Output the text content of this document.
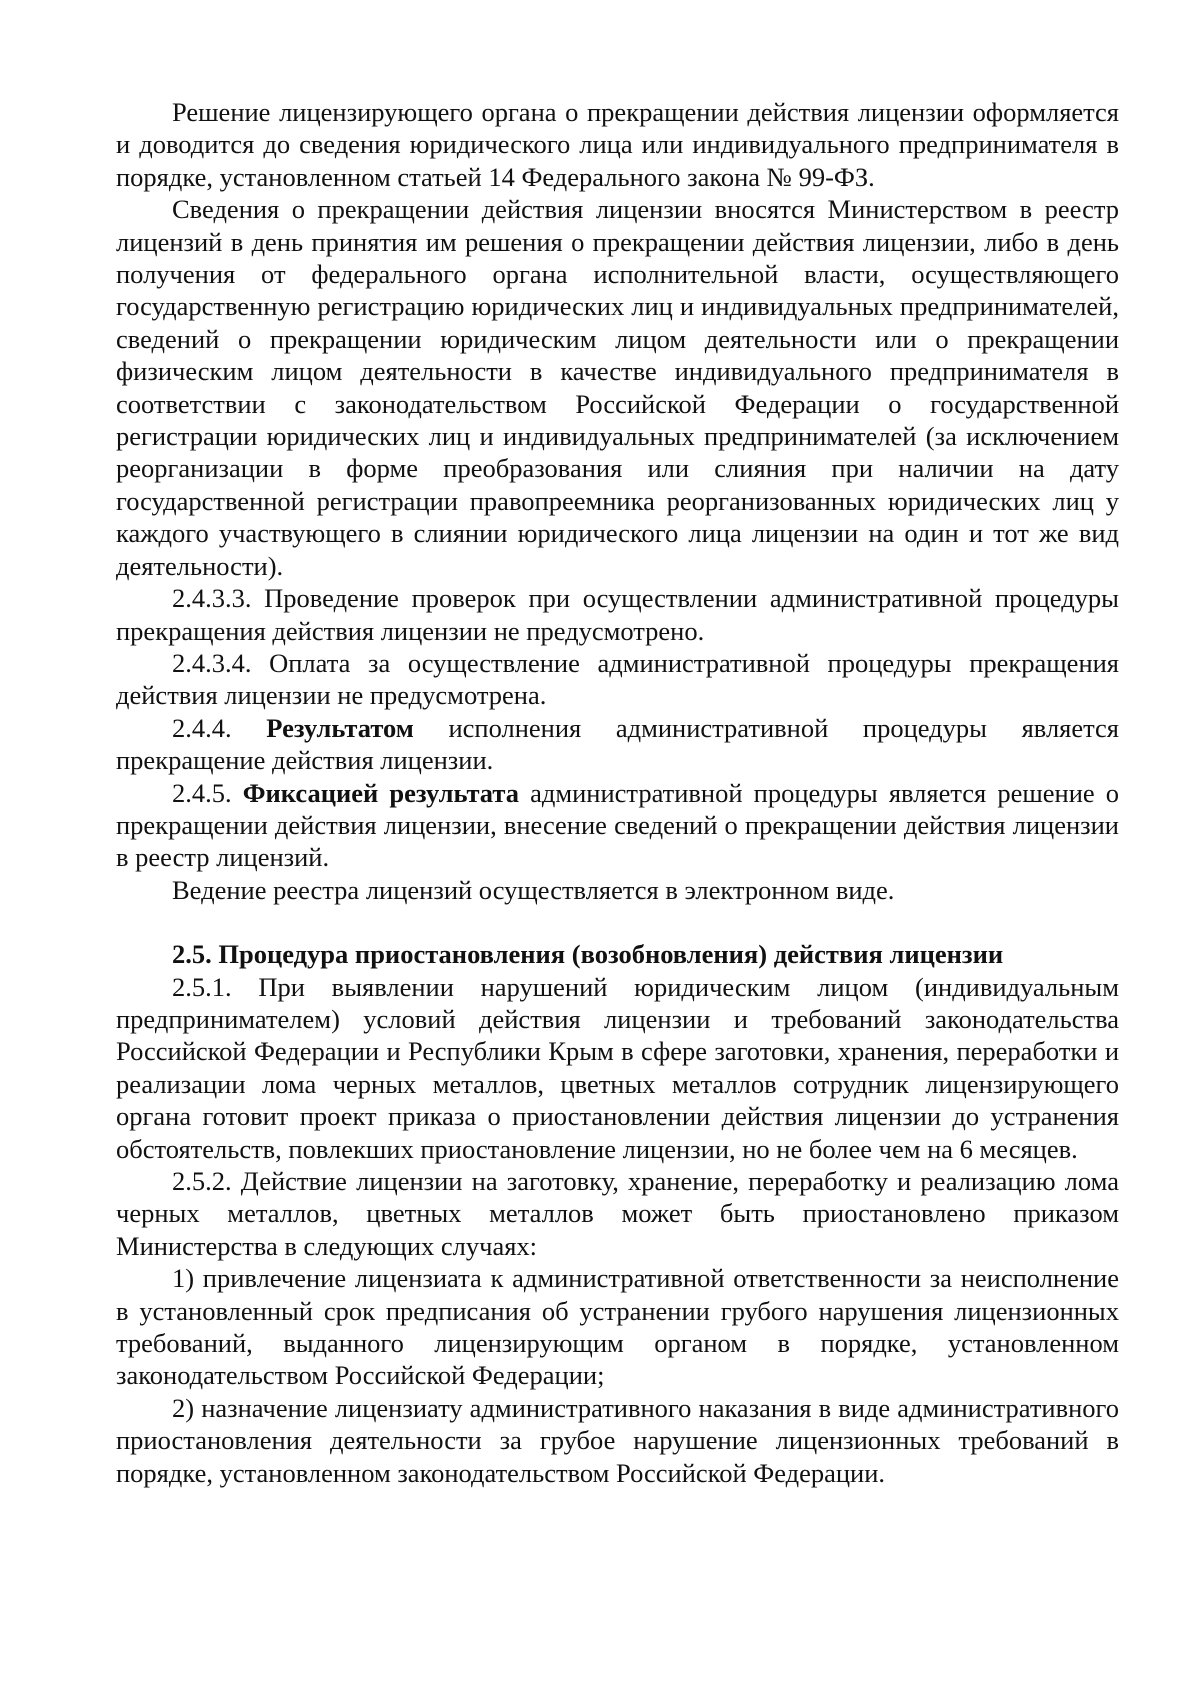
Решение лицензирующего органа о прекращении действия лицензии оформляется и доводится до сведения юридического лица или индивидуального предпринимателя в порядке, установленном статьей 14 Федерального закона № 99-ФЗ.

Сведения о прекращении действия лицензии вносятся Министерством в реестр лицензий в день принятия им решения о прекращении действия лицензии, либо в день получения от федерального органа исполнительной власти, осуществляющего государственную регистрацию юридических лиц и индивидуальных предпринимателей, сведений о прекращении юридическим лицом деятельности или о прекращении физическим лицом деятельности в качестве индивидуального предпринимателя в соответствии с законодательством Российской Федерации о государственной регистрации юридических лиц и индивидуальных предпринимателей (за исключением реорганизации в форме преобразования или слияния при наличии на дату государственной регистрации правопреемника реорганизованных юридических лиц у каждого участвующего в слиянии юридического лица лицензии на один и тот же вид деятельности).

2.4.3.3. Проведение проверок при осуществлении административной процедуры прекращения действия лицензии не предусмотрено.

2.4.3.4. Оплата за осуществление административной процедуры прекращения действия лицензии не предусмотрена.

2.4.4. Результатом исполнения административной процедуры является прекращение действия лицензии.

2.4.5. Фиксацией результата административной процедуры является решение о прекращении действия лицензии, внесение сведений о прекращении действия лицензии в реестр лицензий.

Ведение реестра лицензий осуществляется в электронном виде.

2.5. Процедура приостановления (возобновления) действия лицензии

2.5.1. При выявлении нарушений юридическим лицом (индивидуальным предпринимателем) условий действия лицензии и требований законодательства Российской Федерации и Республики Крым в сфере заготовки, хранения, переработки и реализации лома черных металлов, цветных металлов сотрудник лицензирующего органа готовит проект приказа о приостановлении действия лицензии до устранения обстоятельств, повлекших приостановление лицензии, но не более чем на 6 месяцев.

2.5.2. Действие лицензии на заготовку, хранение, переработку и реализацию лома черных металлов, цветных металлов может быть приостановлено приказом Министерства в следующих случаях:

1) привлечение лицензиата к административной ответственности за неисполнение в установленный срок предписания об устранении грубого нарушения лицензионных требований, выданного лицензирующим органом в порядке, установленном законодательством Российской Федерации;

2) назначение лицензиату административного наказания в виде административного приостановления деятельности за грубое нарушение лицензионных требований в порядке, установленном законодательством Российской Федерации.
